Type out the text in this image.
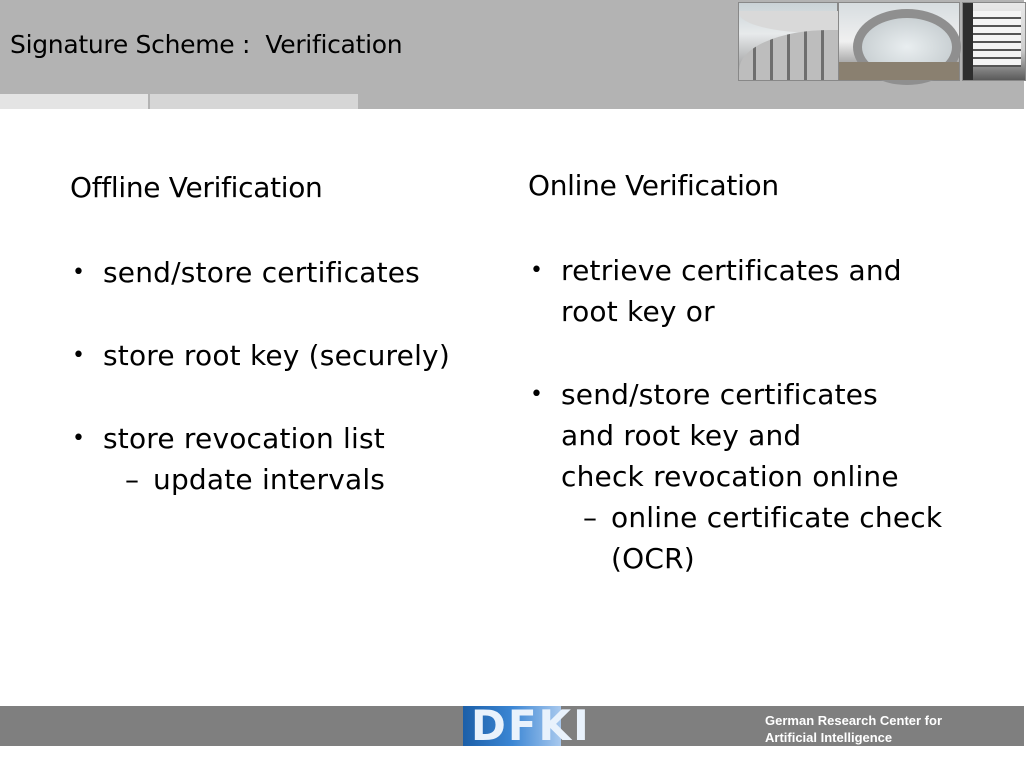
Signature Scheme :  Verification
Offline Verification
• send/store certificates
• store root key (securely)
• store revocation list
– update intervals
Online Verification
• retrieve certificates and
root key or
• send/store certificates
and root key and
check revocation online
– online certificate check
(OCR)
DFKI	German Research Center for
Artificial Intelligence
